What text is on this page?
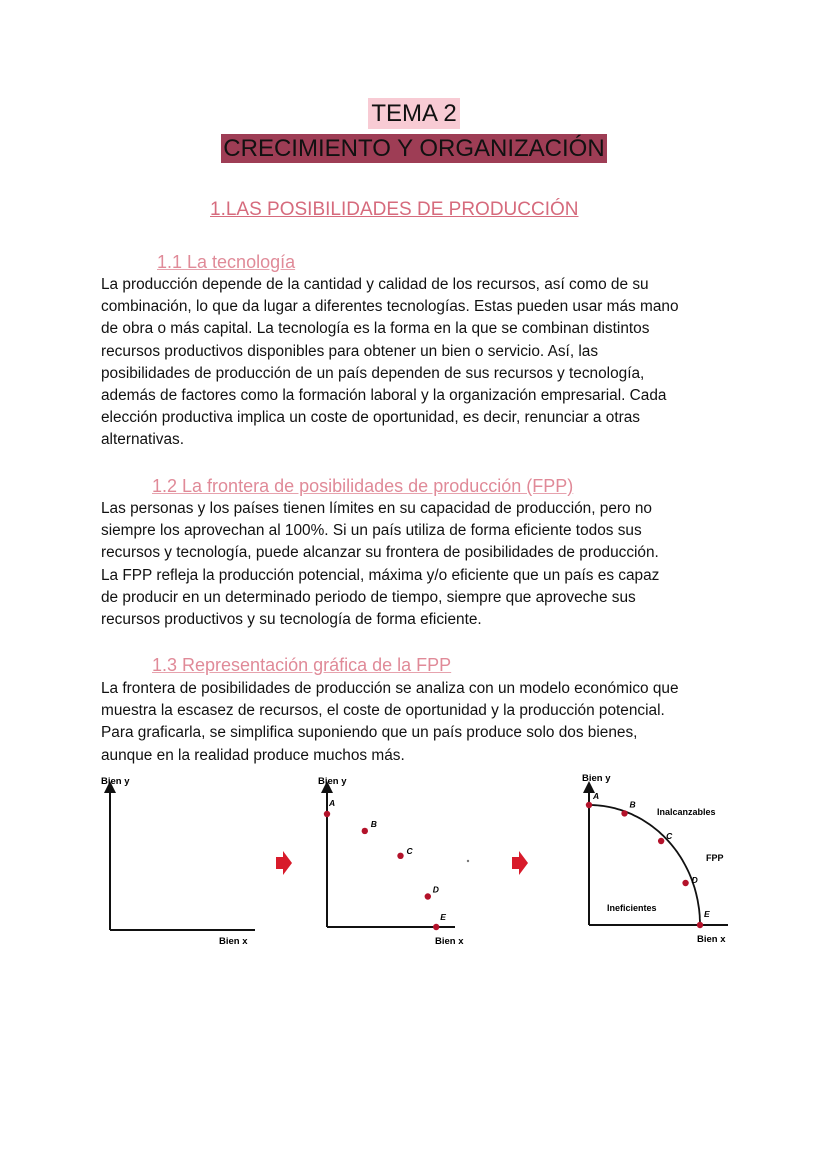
TEMA 2
CRECIMIENTO Y ORGANIZACIÓN
1.LAS POSIBILIDADES DE PRODUCCIÓN
1.1 La tecnología

La producción depende de la cantidad y calidad de los recursos, así como de su
combinación, lo que da lugar a diferentes tecnologías. Estas pueden usar más mano
de obra o más capital. La tecnología es la forma en la que se combinan distintos
recursos productivos disponibles para obtener un bien o servicio. Así, las
posibilidades de producción de un país dependen de sus recursos y tecnología,
además de factores como la formación laboral y la organización empresarial. Cada
elección productiva implica un coste de oportunidad, es decir, renunciar a otras
alternativas.

1.2 La frontera de posibilidades de producción (FPP)

Las personas y los países tienen límites en su capacidad de producción, pero no
siempre los aprovechan al 100%. Si un país utiliza de forma eficiente todos sus
recursos y tecnología, puede alcanzar su frontera de posibilidades de producción.
La FPP refleja la producción potencial, máxima y/o eficiente que un país es capaz
de producir en un determinado periodo de tiempo, siempre que aproveche sus
recursos productivos y su tecnología de forma eficiente.

1.3 Representación gráfica de la FPP

La frontera de posibilidades de producción se analiza con un modelo económico que
muestra la escasez de recursos, el coste de oportunidad y la producción potencial.
Para graficarla, se simplifica suponiendo que un país produce solo dos bienes,
aunque en la realidad produce muchos más.

Bien y
Bien x
Bien y
Bien x
A
B
C
D
E
Bien y
Bien x
Inalcanzables
Ineficientes
FPP
A
B
C
D
E
